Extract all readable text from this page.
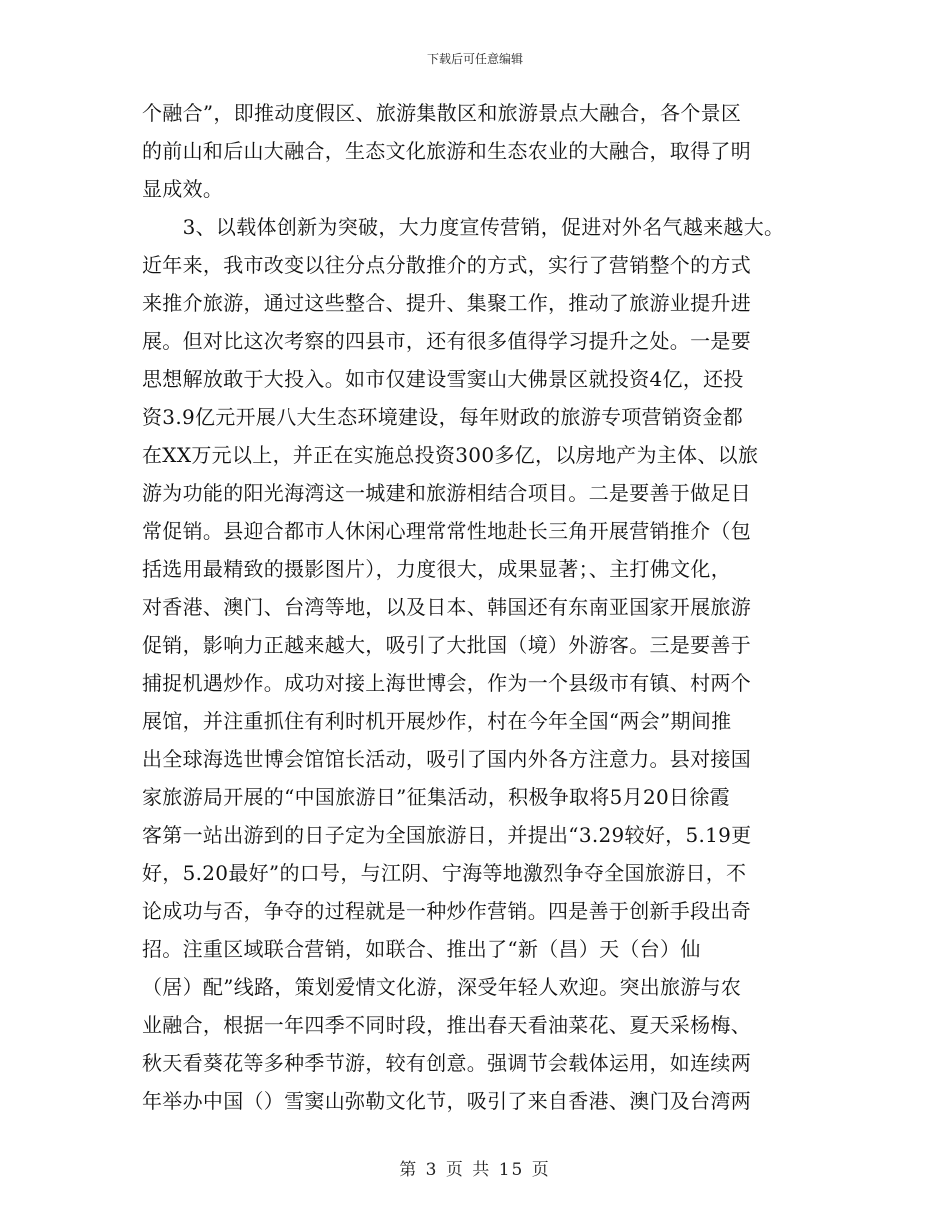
下载后可任意编辑
个融合”，即推动度假区、旅游集散区和旅游景点大融合，各个景区
的前山和后山大融合，生态文化旅游和生态农业的大融合，取得了明
显成效。
　　3、以载体创新为突破，大力度宣传营销，促进对外名气越来越大。
近年来，我市改变以往分点分散推介的方式，实行了营销整个的方式
来推介旅游，通过这些整合、提升、集聚工作，推动了旅游业提升进
展。但对比这次考察的四县市，还有很多值得学习提升之处。一是要
思想解放敢于大投入。如市仅建设雪窦山大佛景区就投资4亿，还投
资3.9亿元开展八大生态环境建设，每年财政的旅游专项营销资金都
在XX万元以上，并正在实施总投资300多亿，以房地产为主体、以旅
游为功能的阳光海湾这一城建和旅游相结合项目。二是要善于做足日
常促销。县迎合都市人休闲心理常常性地赴长三角开展营销推介（包
括选用最精致的摄影图片），力度很大，成果显著；、主打佛文化，
对香港、澳门、台湾等地，以及日本、韩国还有东南亚国家开展旅游
促销，影响力正越来越大，吸引了大批国（境）外游客。三是要善于
捕捉机遇炒作。成功对接上海世博会，作为一个县级市有镇、村两个
展馆，并注重抓住有利时机开展炒作，村在今年全国“两会”期间推
出全球海选世博会馆馆长活动，吸引了国内外各方注意力。县对接国
家旅游局开展的“中国旅游日”征集活动，积极争取将5月20日徐霞
客第一站出游到的日子定为全国旅游日，并提出“3.29较好，5.19更
好，5.20最好”的口号，与江阴、宁海等地激烈争夺全国旅游日，不
论成功与否，争夺的过程就是一种炒作营销。四是善于创新手段出奇
招。注重区域联合营销，如联合、推出了“新（昌）天（台）仙
（居）配”线路，策划爱情文化游，深受年轻人欢迎。突出旅游与农
业融合，根据一年四季不同时段，推出春天看油菜花、夏天采杨梅、
秋天看葵花等多种季节游，较有创意。强调节会载体运用，如连续两
年举办中国（）雪窦山弥勒文化节，吸引了来自香港、澳门及台湾两
第 3 页 共 15 页
